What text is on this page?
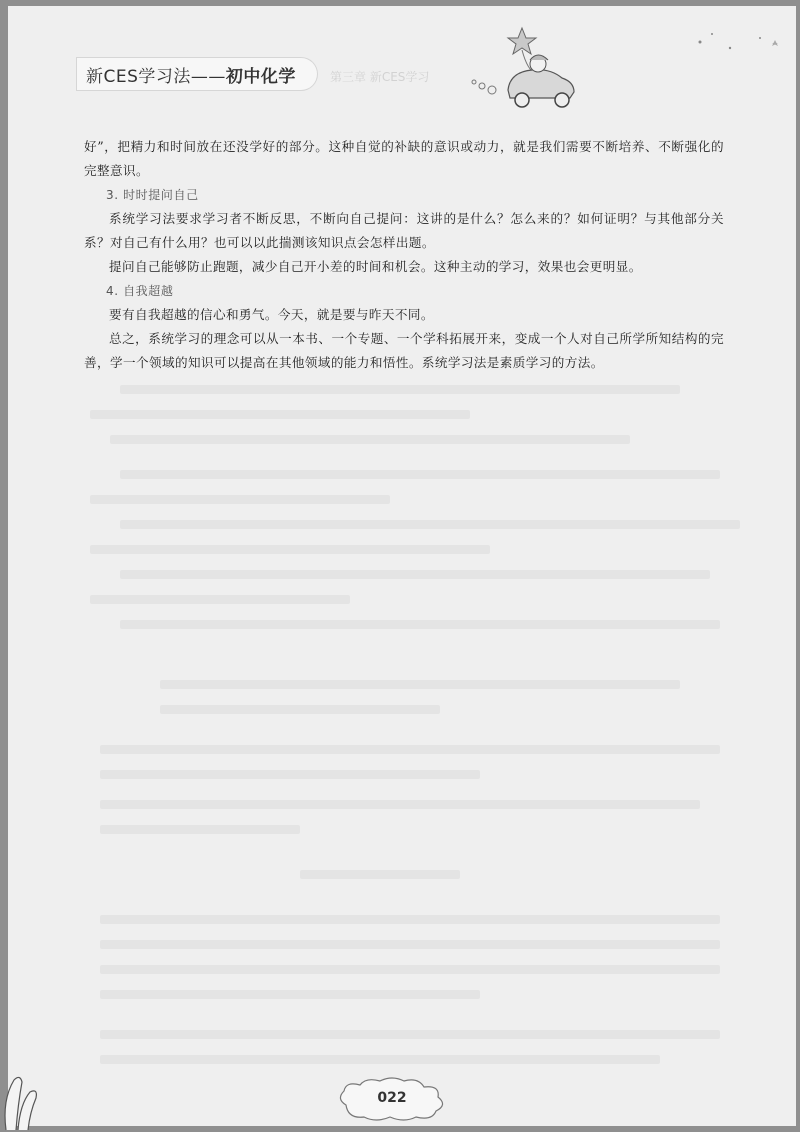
新CES学习法——初中化学	第三章 新CES学习

好”，把精力和时间放在还没学好的部分。这种自觉的补缺的意识或动力，就是我们需要不断培养、不断强化的完整意识。

3. 时时提问自己

系统学习法要求学习者不断反思，不断向自己提问：这讲的是什么？怎么来的？如何证明？与其他部分关系？对自己有什么用？也可以以此揣测该知识点会怎样出题。

提问自己能够防止跑题，减少自己开小差的时间和机会。这种主动的学习，效果也会更明显。

4. 自我超越

要有自我超越的信心和勇气。今天，就是要与昨天不同。

总之，系统学习的理念可以从一本书、一个专题、一个学科拓展开来，变成一个人对自己所学所知结构的完善，学一个领域的知识可以提高在其他领域的能力和悟性。系统学习法是素质学习的方法。

022
